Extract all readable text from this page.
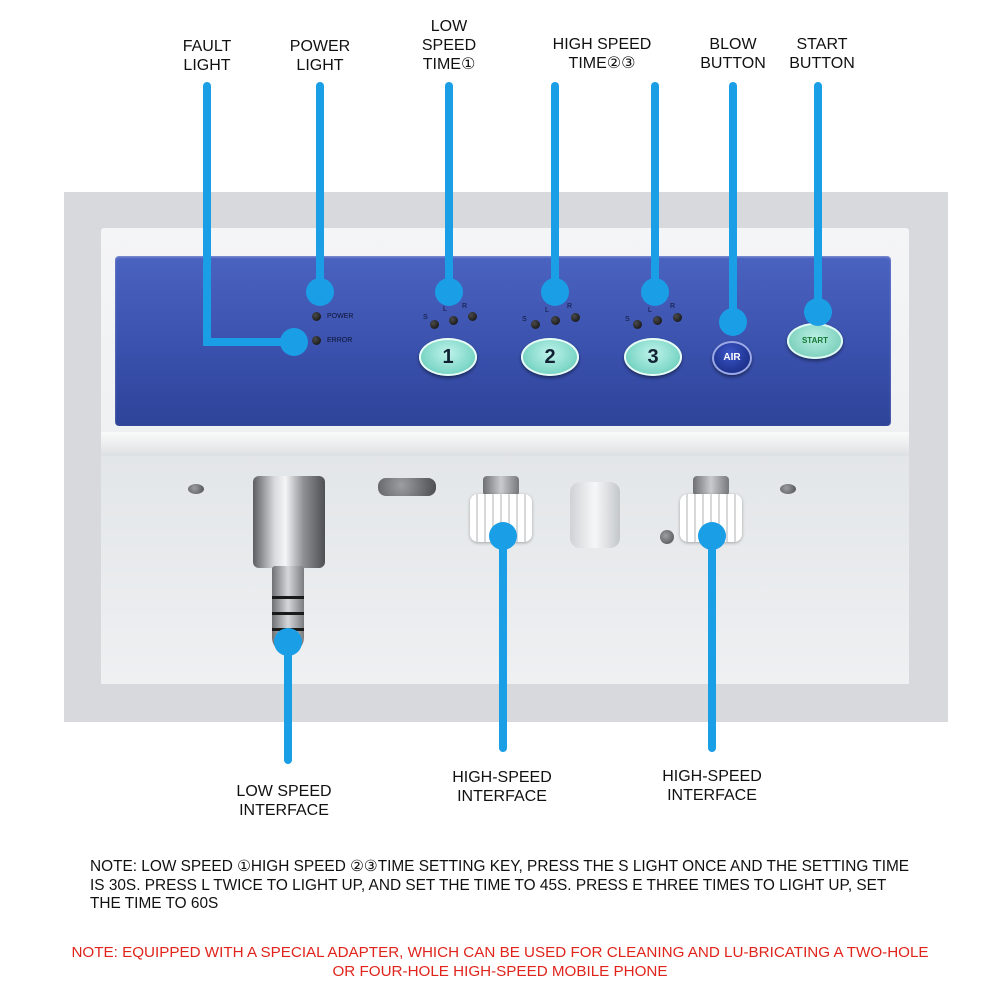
FAULT
LIGHT
POWER
LIGHT
LOW
SPEED
TIME①
HIGH SPEED
TIME②③
BLOW
BUTTON
START
BUTTON
POWER
ERROR
S
L R
S
L
R
S
L
R
1	2	3	AIR
START
LOW SPEED
INTERFACE
HIGH-SPEED
INTERFACE
HIGH-SPEED
INTERFACE
NOTE: LOW SPEED ①HIGH SPEED ②③TIME SETTING KEY, PRESS THE S LIGHT ONCE AND THE SETTING TIME IS 30S. PRESS L TWICE TO LIGHT UP, AND SET THE TIME TO 45S. PRESS E THREE TIMES TO LIGHT UP, SET THE TIME TO 60S
NOTE: EQUIPPED WITH A SPECIAL ADAPTER, WHICH CAN BE USED FOR CLEANING AND LU-BRICATING A TWO-HOLE OR FOUR-HOLE HIGH-SPEED MOBILE PHONE
